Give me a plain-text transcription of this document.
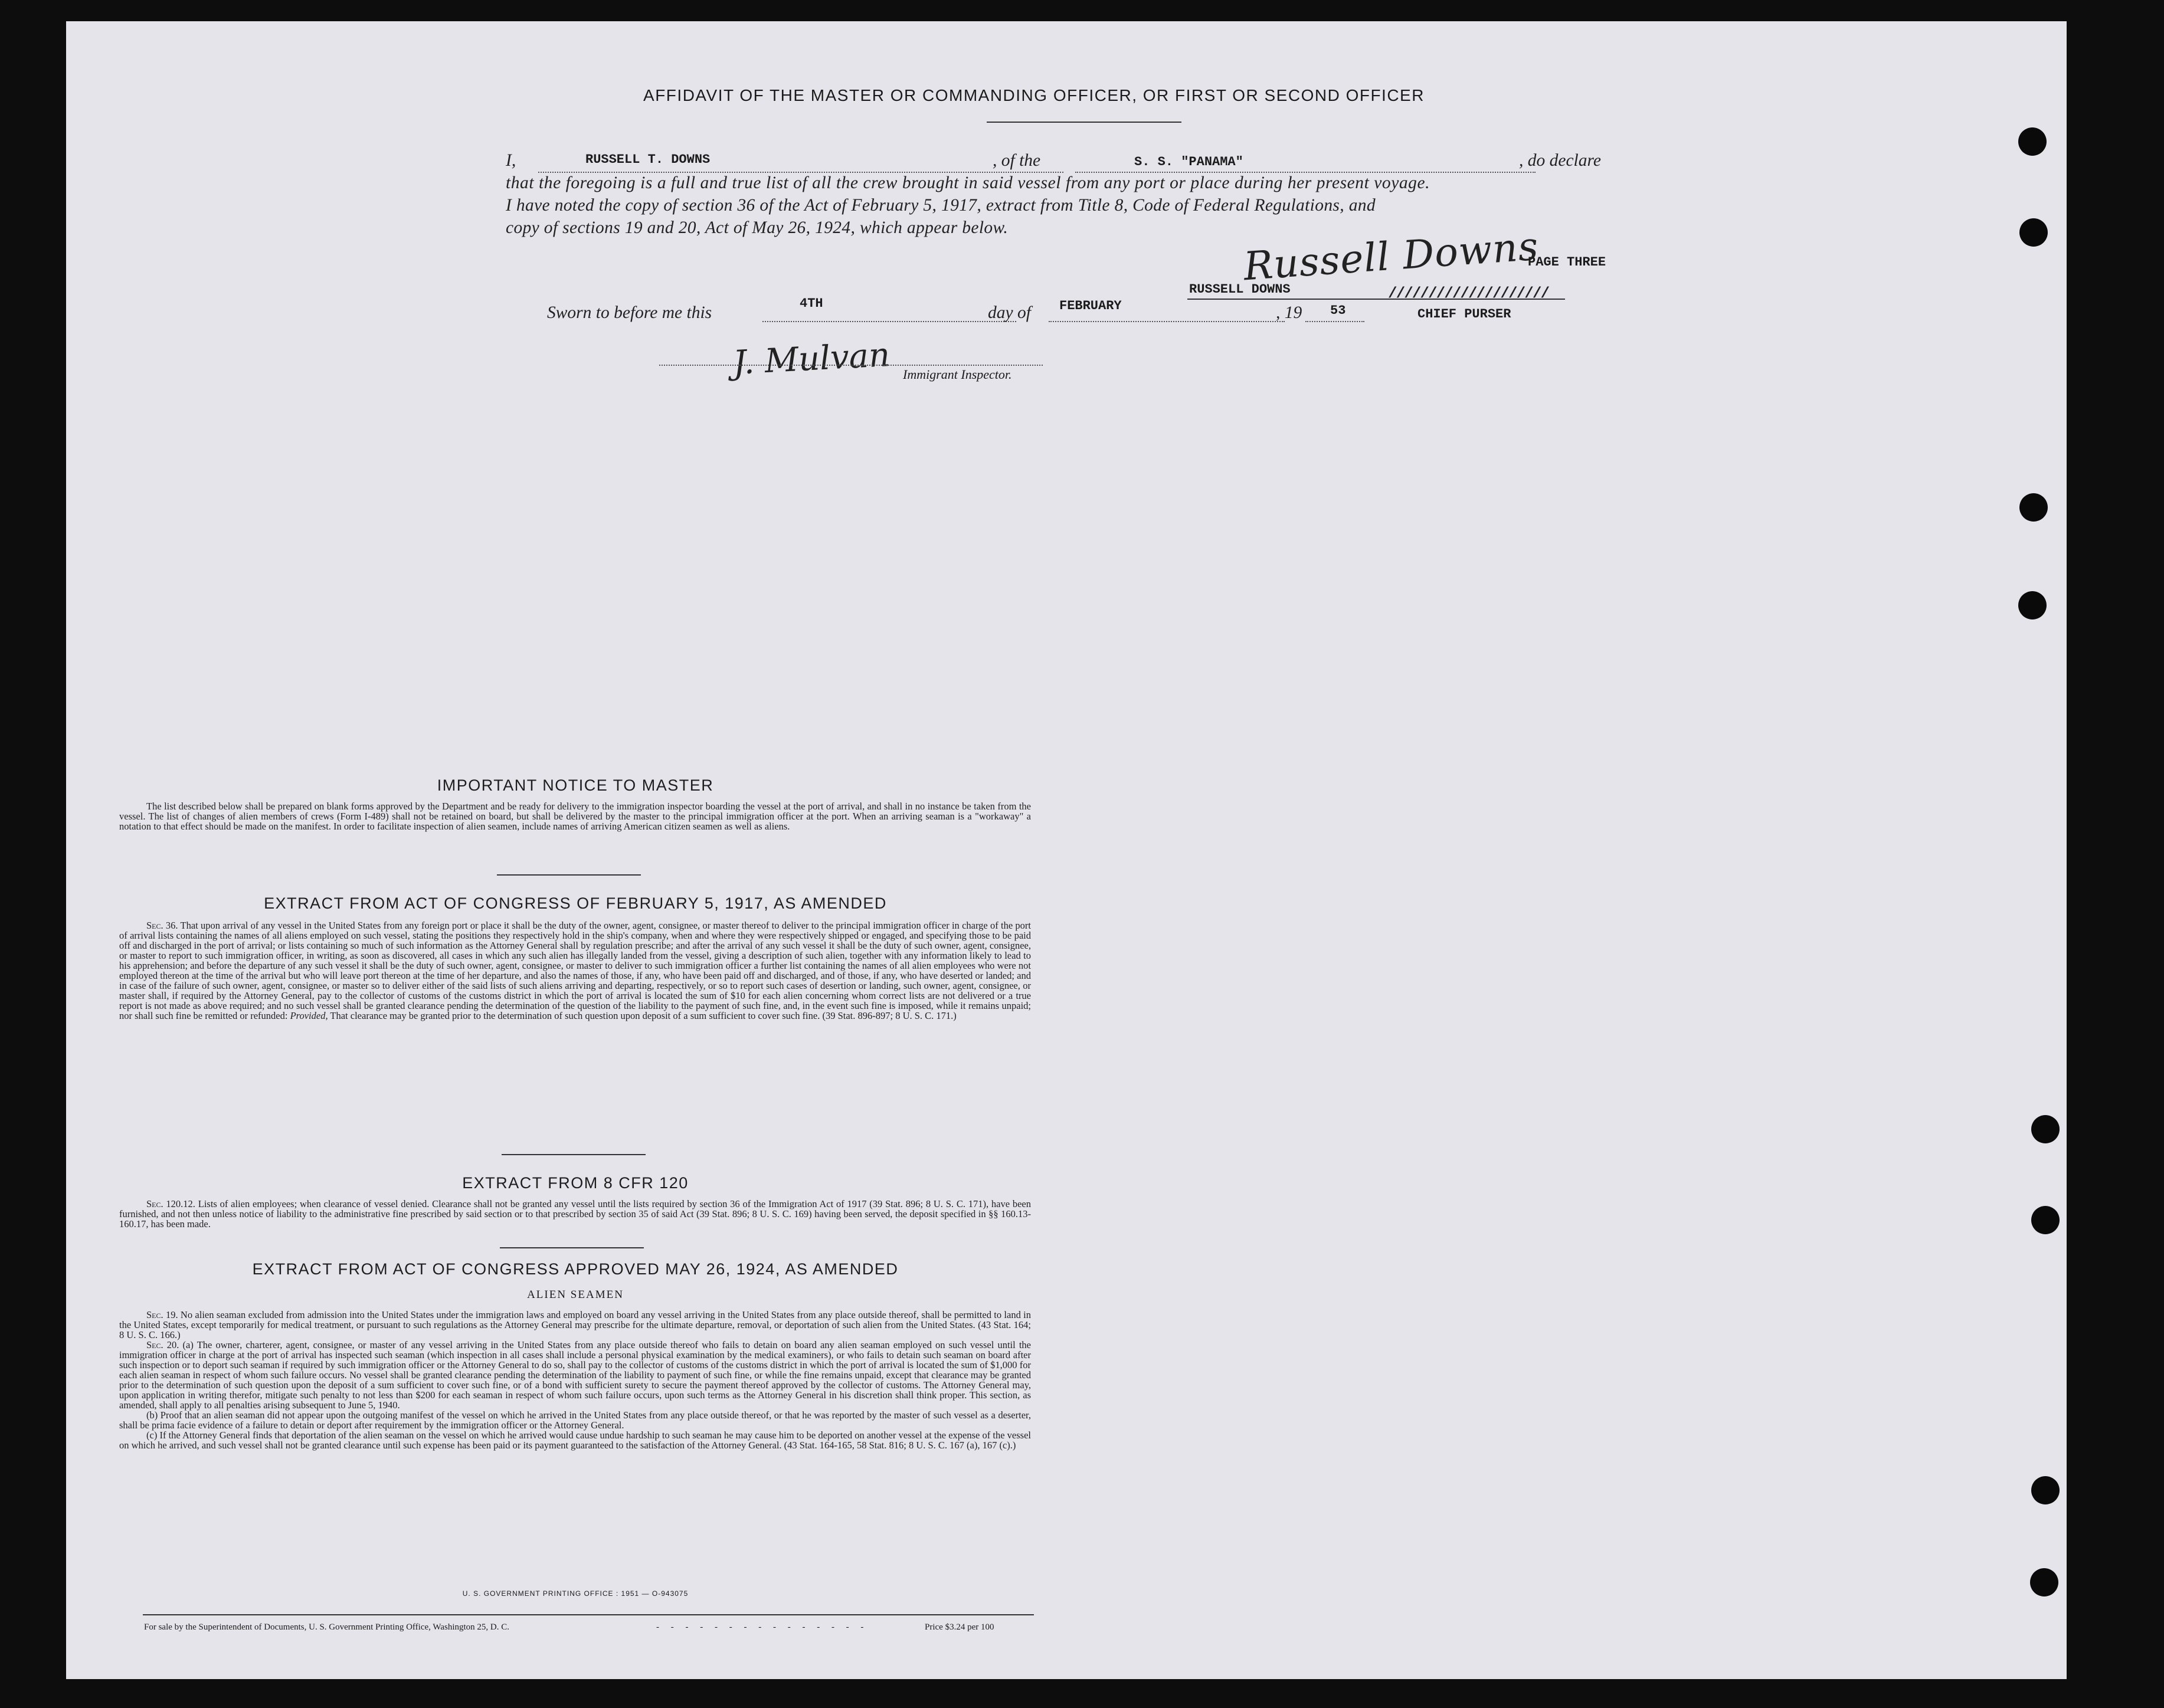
AFFIDAVIT OF THE MASTER OR COMMANDING OFFICER, OR FIRST OR SECOND OFFICER
I,	RUSSELL T. DOWNS	, of the	S. S. "PANAMA"	, do declare
that the foregoing is a full and true list of all the crew brought in said vessel from any port or place during her present voyage.
I have noted the copy of section 36 of the Act of February 5, 1917, extract from Title 8, Code of Federal Regulations, and
copy of sections 19 and 20, Act of May 26, 1924, which appear below.	Russell Downs
PAGE THREE
RUSSELL DOWNS	////////////////////
CHIEF PURSER
Sworn to before me this	4TH	day of FEBRUARY	, 19 53
J. Mulvan Immigrant Inspector.
IMPORTANT NOTICE TO MASTER

The list described below shall be prepared on blank forms approved by the Department and be ready for delivery to the immigration inspector boarding the vessel at the port of arrival, and shall in no instance be taken from the vessel. The list of changes of alien members of crews (Form I-489) shall not be retained on board, but shall be delivered by the master to the principal immigration officer at the port. When an arriving seaman is a "workaway" a notation to that effect should be made on the manifest. In order to facilitate inspection of alien seamen, include names of arriving American citizen seamen as well as aliens.

EXTRACT FROM ACT OF CONGRESS OF FEBRUARY 5, 1917, AS AMENDED

Sec. 36. That upon arrival of any vessel in the United States from any foreign port or place it shall be the duty of the owner, agent, consignee, or master thereof to deliver to the principal immigration officer in charge of the port of arrival lists containing the names of all aliens employed on such vessel, stating the positions they respectively hold in the ship's company, when and where they were respectively shipped or engaged, and specifying those to be paid off and discharged in the port of arrival; or lists containing so much of such information as the Attorney General shall by regulation prescribe; and after the arrival of any such vessel it shall be the duty of such owner, agent, consignee, or master to report to such immigration officer, in writing, as soon as discovered, all cases in which any such alien has illegally landed from the vessel, giving a description of such alien, together with any information likely to lead to his apprehension; and before the departure of any such vessel it shall be the duty of such owner, agent, consignee, or master to deliver to such immigration officer a further list containing the names of all alien employees who were not employed thereon at the time of the arrival but who will leave port thereon at the time of her departure, and also the names of those, if any, who have been paid off and discharged, and of those, if any, who have deserted or landed; and in case of the failure of such owner, agent, consignee, or master so to deliver either of the said lists of such aliens arriving and departing, respectively, or so to report such cases of desertion or landing, such owner, agent, consignee, or master shall, if required by the Attorney General, pay to the collector of customs of the customs district in which the port of arrival is located the sum of $10 for each alien concerning whom correct lists are not delivered or a true report is not made as above required; and no such vessel shall be granted clearance pending the determination of the question of the liability to the payment of such fine, and, in the event such fine is imposed, while it remains unpaid; nor shall such fine be remitted or refunded: Provided, That clearance may be granted prior to the determination of such question upon deposit of a sum sufficient to cover such fine. (39 Stat. 896-897; 8 U. S. C. 171.)

EXTRACT FROM 8 CFR 120

Sec. 120.12. Lists of alien employees; when clearance of vessel denied. Clearance shall not be granted any vessel until the lists required by section 36 of the Immigration Act of 1917 (39 Stat. 896; 8 U. S. C. 171), have been furnished, and not then unless notice of liability to the administrative fine prescribed by said section or to that prescribed by section 35 of said Act (39 Stat. 896; 8 U. S. C. 169) having been served, the deposit specified in §§ 160.13-160.17, has been made.

EXTRACT FROM ACT OF CONGRESS APPROVED MAY 26, 1924, AS AMENDED
ALIEN SEAMEN

Sec. 19. No alien seaman excluded from admission into the United States under the immigration laws and employed on board any vessel arriving in the United States from any place outside thereof, shall be permitted to land in the United States, except temporarily for medical treatment, or pursuant to such regulations as the Attorney General may prescribe for the ultimate departure, removal, or deportation of such alien from the United States. (43 Stat. 164; 8 U. S. C. 166.)

Sec. 20. (a) The owner, charterer, agent, consignee, or master of any vessel arriving in the United States from any place outside thereof who fails to detain on board any alien seaman employed on such vessel until the immigration officer in charge at the port of arrival has inspected such seaman (which inspection in all cases shall include a personal physical examination by the medical examiners), or who fails to detain such seaman on board after such inspection or to deport such seaman if required by such immigration officer or the Attorney General to do so, shall pay to the collector of customs of the customs district in which the port of arrival is located the sum of $1,000 for each alien seaman in respect of whom such failure occurs. No vessel shall be granted clearance pending the determination of the liability to payment of such fine, or while the fine remains unpaid, except that clearance may be granted prior to the determination of such question upon the deposit of a sum sufficient to cover such fine, or of a bond with sufficient surety to secure the payment thereof approved by the collector of customs. The Attorney General may, upon application in writing therefor, mitigate such penalty to not less than $200 for each seaman in respect of whom such failure occurs, upon such terms as the Attorney General in his discretion shall think proper. This section, as amended, shall apply to all penalties arising subsequent to June 5, 1940.

(b) Proof that an alien seaman did not appear upon the outgoing manifest of the vessel on which he arrived in the United States from any place outside thereof, or that he was reported by the master of such vessel as a deserter, shall be prima facie evidence of a failure to detain or deport after requirement by the immigration officer or the Attorney General.

(c) If the Attorney General finds that deportation of the alien seaman on the vessel on which he arrived would cause undue hardship to such seaman he may cause him to be deported on another vessel at the expense of the vessel on which he arrived, and such vessel shall not be granted clearance until such expense has been paid or its payment guaranteed to the satisfaction of the Attorney General. (43 Stat. 164-165, 58 Stat. 816; 8 U. S. C. 167 (a), 167 (c).)

U. S. GOVERNMENT PRINTING OFFICE : 1951 — O-943075
For sale by the Superintendent of Documents, U. S. Government Printing Office, Washington 25, D. C.	- - - - - - - - - - - - - - -	Price $3.24 per 100
